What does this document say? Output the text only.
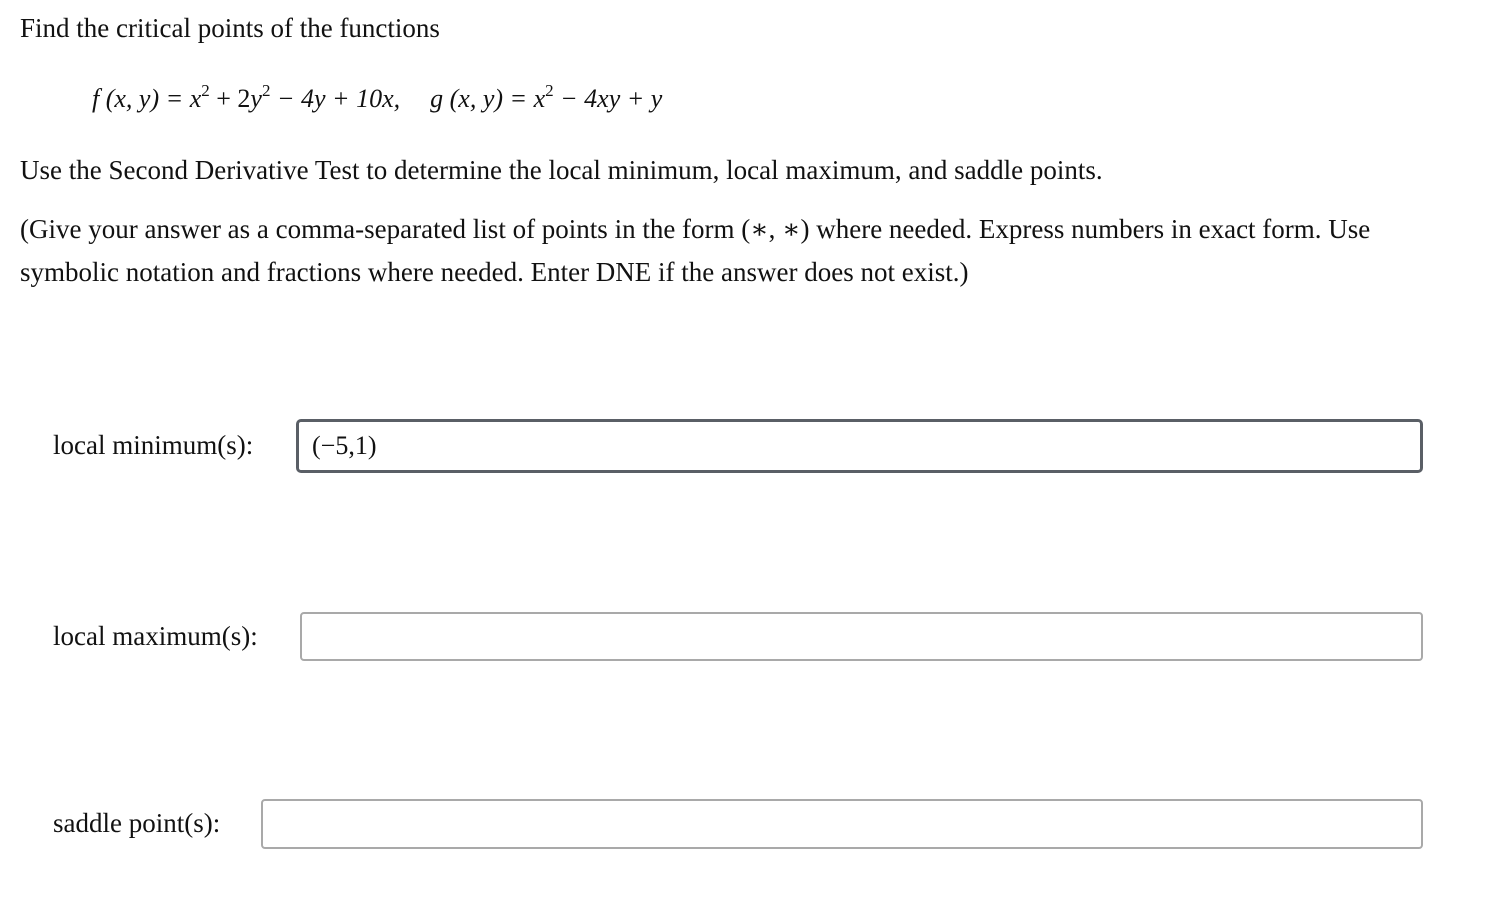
Find the critical points of the functions
f (x, $y) = x^2 + 2y^2 - 4y + 10x$, g (x, $y) = x^2 - 4xy + y$
Use the Second Derivative Test to determine the local minimum, local maximum, and saddle points.
(Give your answer as a comma-separated list of points in the form (∗, ∗) where needed. Express numbers in exact form. Use symbolic notation and fractions where needed. Enter DNE if the answer does not exist.)
local minimum(s):
(−5,1)
local maximum(s):
saddle point(s):
